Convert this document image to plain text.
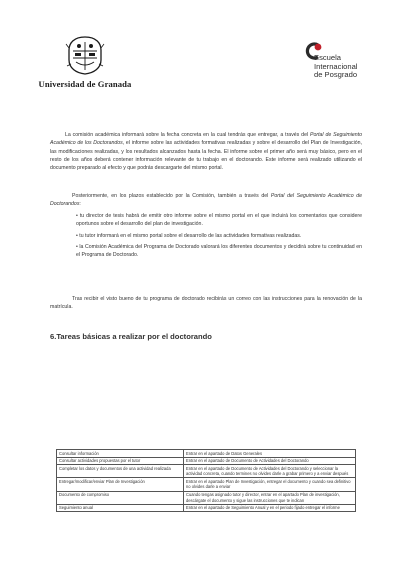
Universidad de Granada
Escuela
Internacional
de Posgrado
La comisión académica informará sobre la fecha concreta en la cual tendrás que entregar, a través del Portal de Seguimiento Académico de los Doctorandos, el informe sobre las actividades formativas realizadas y sobre el desarrollo del Plan de Investigación, las modificaciones realizadas, y los resultados alcanzados hasta la fecha. El informe sobre el primer año será muy básico, pero en el resto de los años deberá contener información relevante de tu trabajo en el doctorando. Este informe será realizado utilizando el documento preparado al efecto y que podrás descargarte del mismo portal.
Posteriormente, en los plazos establecido por la Comisión, también a través del Portal del Seguimiento Académico de Doctorandos:
• tu director de tesis habrá de emitir otro informe sobre el mismo portal en el que incluirá los comentarios que considere oportunos sobre el desarrollo del plan de investigación.
• tu tutor informará en el mismo portal sobre el desarrollo de las actividades formativas realizadas.
• la Comisión Académica del Programa de Doctorado valorará los diferentes documentos y decidirá sobre tu continuidad en el Programa de Doctorado.
Tras recibir el visto bueno de tu programa de doctorado recibirás un correo con las instrucciones para la renovación de la matrícula.
6.Tareas básicas a realizar por el doctorando
Consultar información	Entrar en el apartado de Datos Generales
Consultar actividades propuestas por el tutor	Entrar en el apartado de Documento de Actividades del Doctorando
Completar los datos y documentos de una actividad realizada	Entrar en el apartado de Documento de Actividades del Doctorando y seleccionar la actividad concreta, cuando termines no olvides darle a grabar primero y a enviar después
Entregar/modificar/enviar Plan de Investigación	Entrar en el apartado Plan de Investigación, entregar el documento y cuando sea definitivo no olvides darle a enviar
Documento de compromiso	Cuando tengas asignado tutor y director, entrar en el apartado Plan de investigación, descárgate el documento y sigue las instrucciones que te indican
Seguimiento anual	Entrar en el apartado de Seguimiento Anual y en el periodo fijado entregar el informe
